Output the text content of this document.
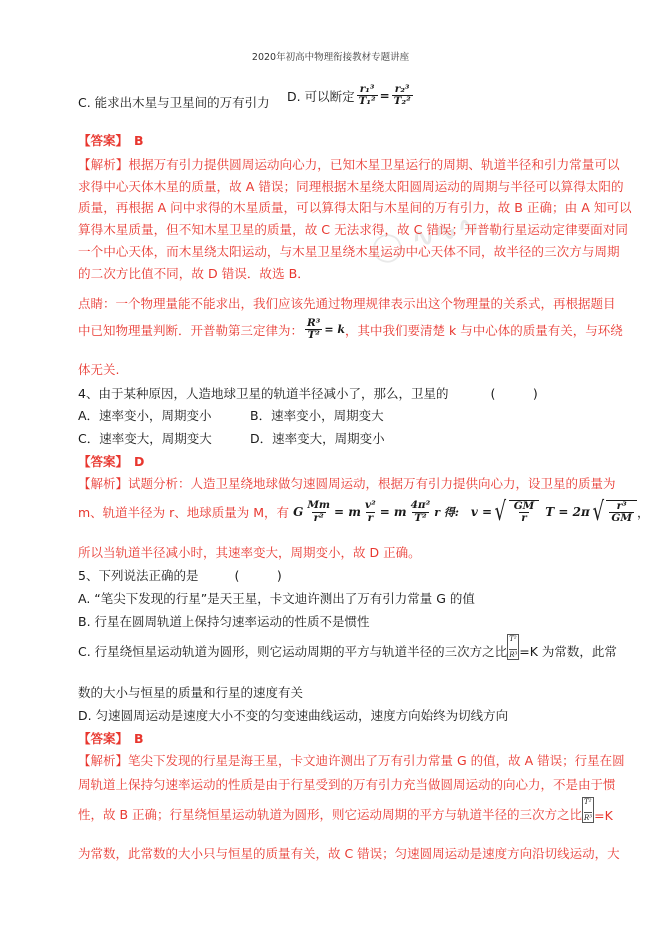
2020年初高中物理衔接教材专题讲座
◯ ∿∿∿
C. 能求出木星与卫星间的万有引力 D. 可以断定 $\frac{\text{r₁³}}{\text{T₁²}} = \frac{\text{r₂³}}{\text{T₂²}}$
【答案】 B
【解析】根据万有引力提供圆周运动向心力，已知木星卫星运行的周期、轨道半径和引力常量可以
求得中心天体木星的质量，故 A 错误；同理根据木星绕太阳圆周运动的周期与半径可以算得太阳的
质量，再根据 A 问中求得的木星质量，可以算得太阳与木星间的万有引力，故 B 正确；由 A 知可以
算得木星质量，但不知木星卫星的质量，故 C 无法求得，故 C 错误；开普勒行星运动定律要面对同
一个中心天体，而木星绕太阳运动，与木星卫星绕木星运动中心天体不同，故半径的三次方与周期
的二次方比值不同，故 D 错误．故选 B．
点睛：一个物理量能不能求出，我们应该先通过物理规律表示出这个物理量的关系式，再根据题目
中已知物理量判断．开普勒第三定律为： $\frac{\text{R³}}{\text{T²}} = k$ ，其中我们要清楚 k 与中心体的质量有关，与环绕
体无关.
4、由于某种原因，人造地球卫星的轨道半径减小了，那么，卫星的	(　　　)
A．速率变小，周期变小	B．速率变小，周期变大
C．速率变大，周期变大	D．速率变大，周期变小
【答案】 D
【解析】试题分析：人造卫星绕地球做匀速圆周运动，根据万有引力提供向心力，设卫星的质量为
m、轨道半径为 r、地球质量为 M，有 G $\frac{Mm}{\text{r²}} = m \frac{\text{v²}}{r} = m \frac{\text{4π²}}{\text{T²}}$ r 得: v = √ $\frac{GM}{r}$ T = 2π √ $\frac{\text{r³}}{GM}$ ，
所以当轨道半径减小时，其速率变大，周期变小，故 D 正确。
5、下列说法正确的是	(　　　)
A. “笔尖下发现的行星”是天王星，卡文迪许测出了万有引力常量 G 的值
B. 行星在圆周轨道上保持匀速率运动的性质不是惯性
C. 行星绕恒星运动轨道为圆形，则它运动周期的平方与轨道半径的三次方之比 $\frac{\text{T²}}{\text{R³}} =K$ 为常数，此常
数的大小与恒星的质量和行星的速度有关
D. 匀速圆周运动是速度大小不变的匀变速曲线运动，速度方向始终为切线方向
【答案】 B
【解析】笔尖下发现的行星是海王星，卡文迪许测出了万有引力常量 G 的值，故 A 错误；行星在圆
周轨道上保持匀速率运动的性质是由于行星受到的万有引力充当做圆周运动的向心力，不是由于惯
性，故 B 正确；行星绕恒星运动轨道为圆形，则它运动周期的平方与轨道半径的三次方之比 $\frac{\text{T²}}{\text{R³}} =K$
为常数，此常数的大小只与恒星的质量有关，故 C 错误；匀速圆周运动是速度方向沿切线运动，大
